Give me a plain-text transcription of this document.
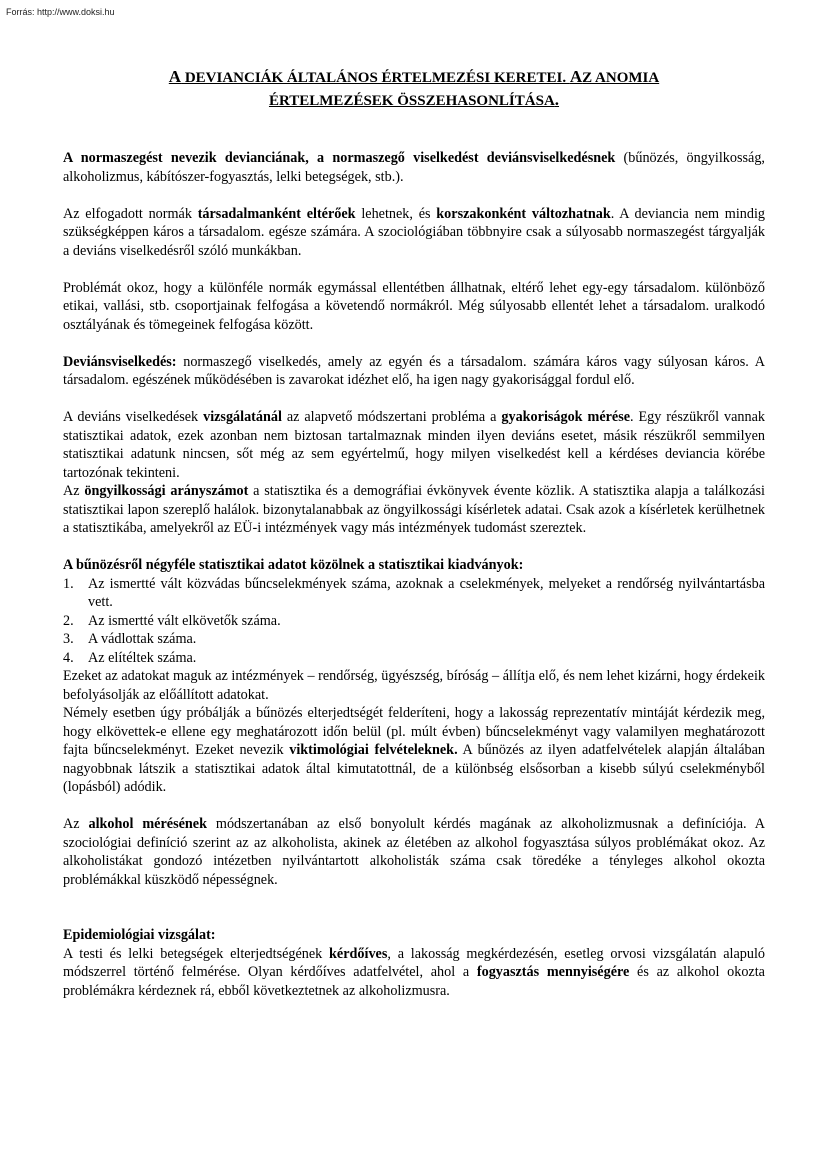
Forrás: http://www.doksi.hu
A DEVIANCIÁK ÁLTALÁNOS ÉRTELMEZÉSI KERETEI. AZ ANOMIA
ÉRTELMEZÉSEK ÖSSZEHASONLÍTÁSA.

A normaszegést nevezik devianciának, a normaszegő viselkedést deviánsviselkedésnek (bűnözés, öngyilkosság, alkoholizmus, kábítószer-fogyasztás, lelki betegségek, stb.).

Az elfogadott normák társadalmanként eltérőek lehetnek, és korszakonként változhatnak. A deviancia nem mindig szükségképpen káros a társadalom. egésze számára. A szociológiában többnyire csak a súlyosabb normaszegést tárgyalják a deviáns viselkedésről szóló munkákban.

Problémát okoz, hogy a különféle normák egymással ellentétben állhatnak, eltérő lehet egy-egy társadalom. különböző etikai, vallási, stb. csoportjainak felfogása a követendő normákról. Még súlyosabb ellentét lehet a társadalom. uralkodó osztályának és tömegeinek felfogása között.

Deviánsviselkedés: normaszegő viselkedés, amely az egyén és a társadalom. számára káros vagy súlyosan káros. A társadalom. egészének működésében is zavarokat idézhet elő, ha igen nagy gyakorisággal fordul elő.

A deviáns viselkedések vizsgálatánál az alapvető módszertani probléma a gyakoriságok mérése. Egy részükről vannak statisztikai adatok, ezek azonban nem biztosan tartalmaznak minden ilyen deviáns esetet, másik részükről semmilyen statisztikai adatunk nincsen, sőt még az sem egyértelmű, hogy milyen viselkedést kell a kérdéses deviancia körébe tartozónak tekinteni.

Az öngyilkossági arányszámot a statisztika és a demográfiai évkönyvek évente közlik. A statisztika alapja a találkozási statisztikai lapon szereplő halálok. bizonytalanabbak az öngyilkossági kísérletek adatai. Csak azok a kísérletek kerülhetnek a statisztikába, amelyekről az EÜ-i intézmények vagy más intézmények tudomást szereztek.

A bűnözésről négyféle statisztikai adatot közölnek a statisztikai kiadványok:

1. Az ismertté vált közvádas bűncselekmények száma, azoknak a cselekmények, melyeket a rendőrség nyilvántartásba vett.
2. Az ismertté vált elkövetők száma.
3. A vádlottak száma.
4. Az elítéltek száma.

Ezeket az adatokat maguk az intézmények – rendőrség, ügyészség, bíróság – állítja elő, és nem lehet kizárni, hogy érdekeik befolyásolják az előállított adatokat.

Némely esetben úgy próbálják a bűnözés elterjedtségét felderíteni, hogy a lakosság reprezentatív mintáját kérdezik meg, hogy elkövettek-e ellene egy meghatározott időn belül (pl. múlt évben) bűncselekményt vagy valamilyen meghatározott fajta bűncselekményt. Ezeket nevezik viktimológiai felvételeknek. A bűnözés az ilyen adatfelvételek alapján általában nagyobbnak látszik a statisztikai adatok által kimutatottnál, de a különbség elsősorban a kisebb súlyú cselekményből (lopásból) adódik.

Az alkohol mérésének módszertanában az első bonyolult kérdés magának az alkoholizmusnak a definíciója. A szociológiai definíció szerint az az alkoholista, akinek az életében az alkohol fogyasztása súlyos problémákat okoz. Az alkoholistákat gondozó intézetben nyilvántartott alkoholisták száma csak töredéke a tényleges alkohol okozta problémákkal küszködő népességnek.

Epidemiológiai vizsgálat:

A testi és lelki betegségek elterjedtségének kérdőíves, a lakosság megkérdezésén, esetleg orvosi vizsgálatán alapuló módszerrel történő felmérése. Olyan kérdőíves adatfelvétel, ahol a fogyasztás mennyiségére és az alkohol okozta problémákra kérdeznek rá, ebből következtetnek az alkoholizmusra.
